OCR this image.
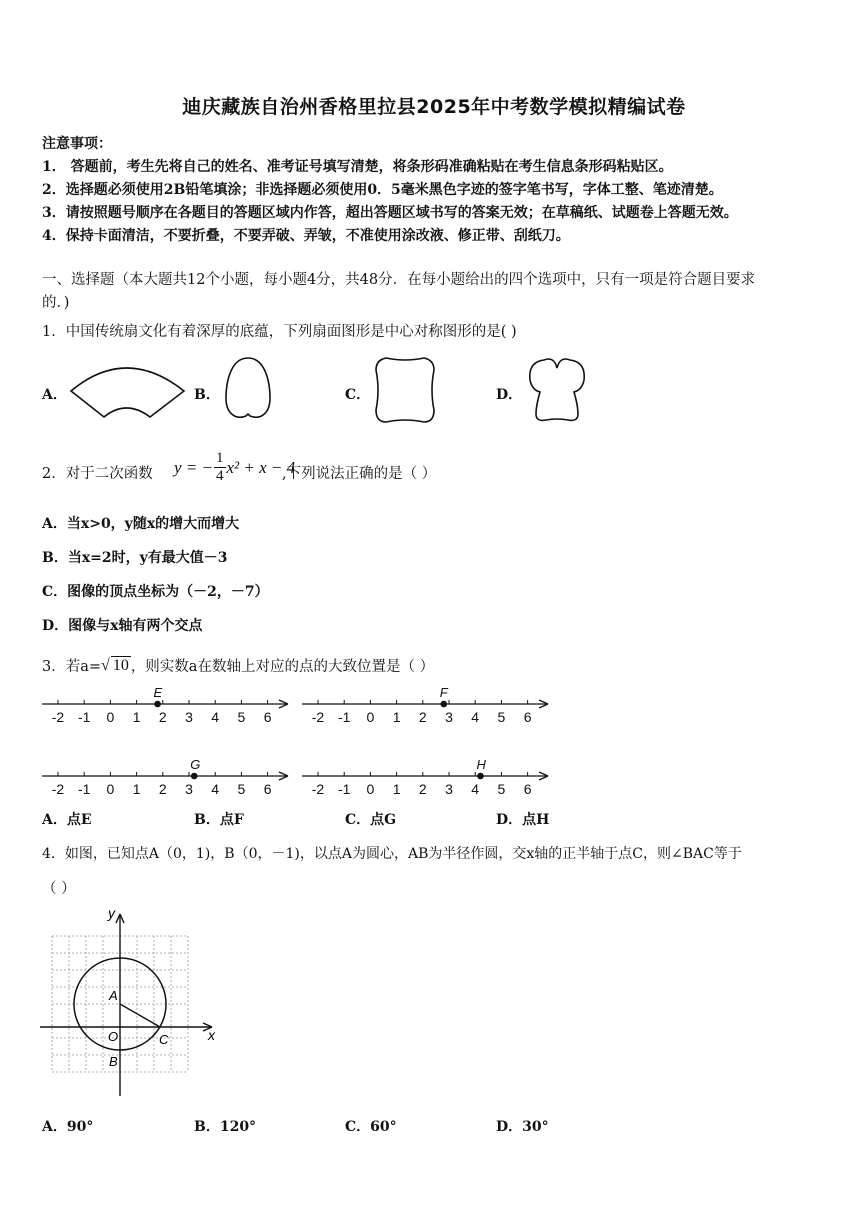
迪庆藏族自治州香格里拉县2025年中考数学模拟精编试卷
注意事项：
1． 答题前，考生先将自己的姓名、准考证号填写清楚，将条形码准确粘贴在考生信息条形码粘贴区。
2．选择题必须使用2B铅笔填涂；非选择题必须使用0．5毫米黑色字迹的签字笔书写，字体工整、笔迹清楚。
3．请按照题号顺序在各题目的答题区域内作答，超出答题区域书写的答案无效；在草稿纸、试题卷上答题无效。
4．保持卡面清洁，不要折叠，不要弄破、弄皱，不准使用涂改液、修正带、刮纸刀。
一、选择题（本大题共12个小题，每小题4分，共48分．在每小题给出的四个选项中，只有一项是符合题目要求
的．)
1．中国传统扇文化有着深厚的底蕴，下列扇面图形是中心对称图形的是( )
A．	B．	C．	D．
2．对于二次函数 y = − $\frac{1}{4} x^2 + x - 4$
,下列说法正确的是（ ）
A．当x>0，y随x的增大而增大
B．当x=2时，y有最大值－3
C．图像的顶点坐标为（－2，－7）
D．图像与x轴有两个交点
3．若a= √ 10 ，则实数a在数轴上对应的点的大致位置是（ ）
-2 -1 0 1 2 3 4 5 6
E
-2 -1 0 1 2 3 4 5 6
F
-2 -1 0 1 2 3 4 5 6
G
-2 -1 0 1 2 3 4 5 6
H
A．点E	B．点F	C．点G	D．点H
4．如图，已知点A（0，1)，B（0，－1)，以点A为圆心，AB为半径作圆，交x轴的正半轴于点C，则∠BAC等于
（ ）
y
x
A
O
B
C
A．90°	B．120°	C．60°	D．30°
